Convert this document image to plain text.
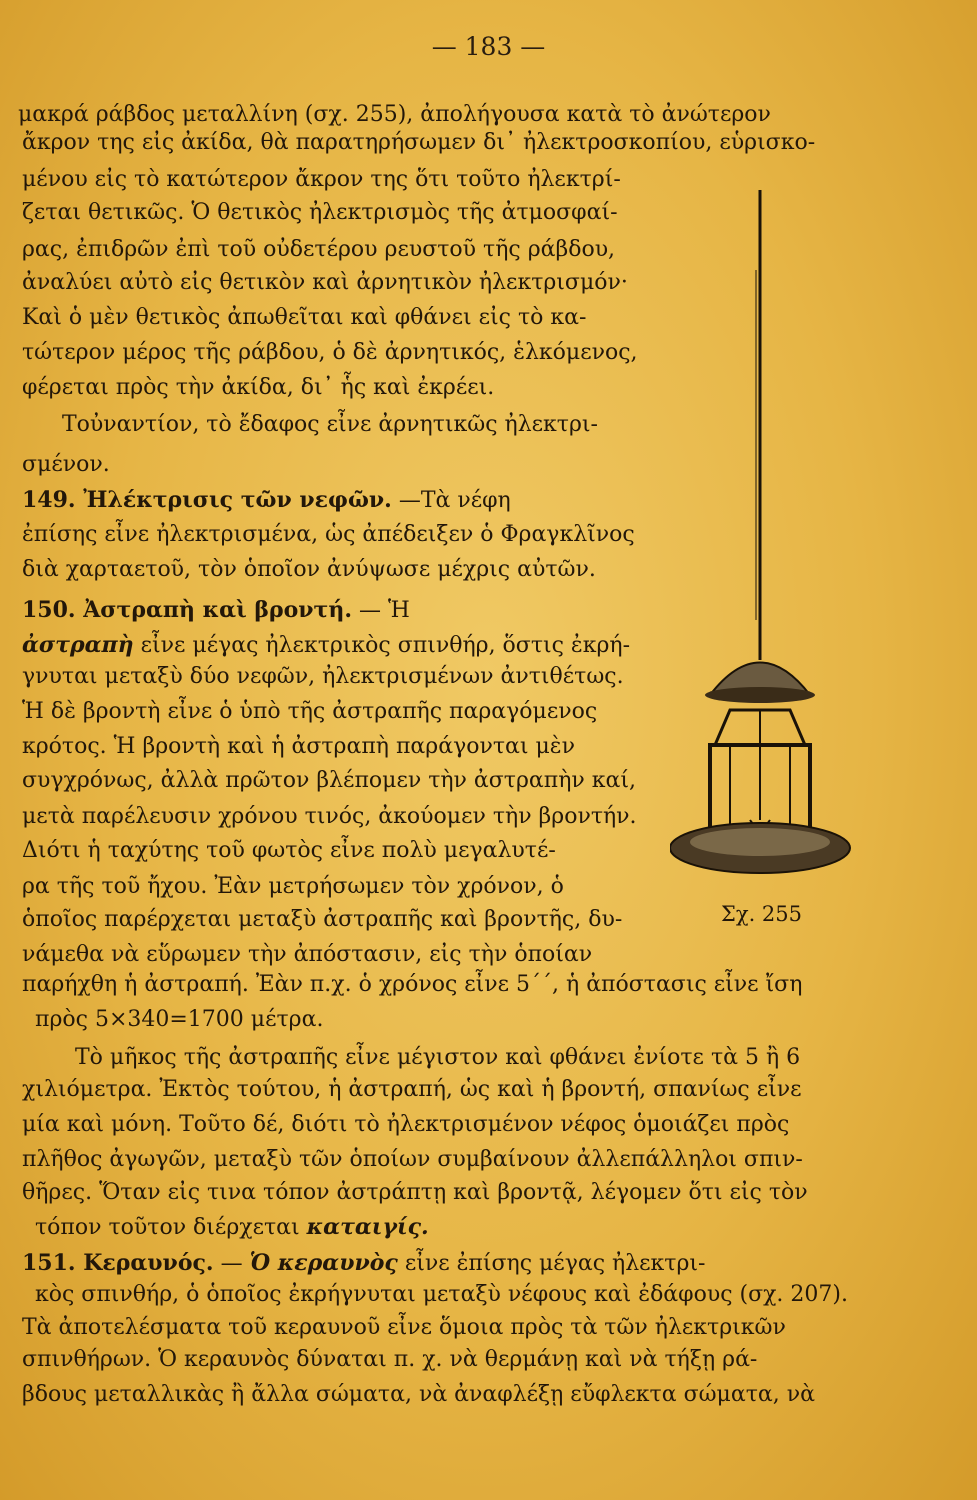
— 183 —
μακρά ράβδος μεταλλίνη (σχ. 255), ἀπολήγουσα κατὰ τὸ ἀνώτερον
ἄκρον της εἰς ἀκίδα, θὰ παρατηρήσωμεν δι᾽ ἠλεκτροσκοπίου, εὑρισκο-
μένου εἰς τὸ κατώτερον ἄκρον της ὅτι τοῦτο ἠλεκτρί-
ζεται θετικῶς. Ὁ θετικὸς ἠλεκτρισμὸς τῆς ἀτμοσφαί-
ρας, ἐπιδρῶν ἐπὶ τοῦ οὐδετέρου ρευστοῦ τῆς ράβδου,
ἀναλύει αὐτὸ εἰς θετικὸν καὶ ἀρνητικὸν ἠλεκτρισμόν·
Καὶ ὁ μὲν θετικὸς ἀπωθεῖται καὶ φθάνει εἰς τὸ κα-
τώτερον μέρος τῆς ράβδου, ὁ δὲ ἀρνητικός, ἑλκόμενος,
φέρεται πρὸς τὴν ἀκίδα, δι᾽ ἧς καὶ ἐκρέει.
Τοὐναντίον, τὸ ἔδαφος εἶνε ἀρνητικῶς ἠλεκτρι-
σμένον.
149. Ἠλέκτρισις τῶν νεφῶν. —Τὰ νέφη
ἐπίσης εἶνε ἠλεκτρισμένα, ὡς ἀπέδειξεν ὁ Φραγκλῖνος
διὰ χαρταετοῦ, τὸν ὁποῖον ἀνύψωσε μέχρις αὐτῶν.
150. Ἀστραπὴ καὶ βροντή. — Ἡ
ἀστραπὴ εἶνε μέγας ἠλεκτρικὸς σπινθήρ, ὅστις ἐκρή-
γνυται μεταξὺ δύο νεφῶν, ἠλεκτρισμένων ἀντιθέτως.
Ἡ δὲ βροντὴ εἶνε ὁ ὑπὸ τῆς ἀστραπῆς παραγόμενος
κρότος. Ἡ βροντὴ καὶ ἡ ἀστραπὴ παράγονται μὲν
συγχρόνως, ἀλλὰ πρῶτον βλέπομεν τὴν ἀστραπὴν καί,
μετὰ παρέλευσιν χρόνου τινός, ἀκούομεν τὴν βροντήν.
Διότι ἡ ταχύτης τοῦ φωτὸς εἶνε πολὺ μεγαλυτέ-
ρα τῆς τοῦ ἤχου. Ἐὰν μετρήσωμεν τὸν χρόνον, ὁ
ὁποῖος παρέρχεται μεταξὺ ἀστραπῆς καὶ βροντῆς, δυ-
νάμεθα νὰ εὕρωμεν τὴν ἀπόστασιν, εἰς τὴν ὁποίαν
παρήχθη ἡ ἀστραπή. Ἐὰν π.χ. ὁ χρόνος εἶνε 5΄΄, ἡ ἀπόστασις εἶνε ἴση
πρὸς 5×340=1700 μέτρα.
Τὸ μῆκος τῆς ἀστραπῆς εἶνε μέγιστον καὶ φθάνει ἐνίοτε τὰ 5 ἢ 6
χιλιόμετρα. Ἐκτὸς τούτου, ἡ ἀστραπή, ὡς καὶ ἡ βροντή, σπανίως εἶνε
μία καὶ μόνη. Τοῦτο δέ, διότι τὸ ἠλεκτρισμένον νέφος ὁμοιάζει πρὸς
πλῆθος ἀγωγῶν, μεταξὺ τῶν ὁποίων συμβαίνουν ἀλλεπάλληλοι σπιν-
θῆρες. Ὅταν εἰς τινα τόπον ἀστράπτῃ καὶ βροντᾷ, λέγομεν ὅτι εἰς τὸν
τόπον τοῦτον διέρχεται καταιγίς.
151. Κεραυνός. — Ὁ κεραυνὸς εἶνε ἐπίσης μέγας ἠλεκτρι-
κὸς σπινθήρ, ὁ ὁποῖος ἐκρήγνυται μεταξὺ νέφους καὶ ἐδάφους (σχ. 207).
Τὰ ἀποτελέσματα τοῦ κεραυνοῦ εἶνε ὅμοια πρὸς τὰ τῶν ἠλεκτρικῶν
σπινθήρων. Ὁ κεραυνὸς δύναται π. χ. νὰ θερμάνῃ καὶ νὰ τήξῃ ρά-
βδους μεταλλικὰς ἢ ἄλλα σώματα, νὰ ἀναφλέξῃ εὔφλεκτα σώματα, νὰ
Σχ. 255
